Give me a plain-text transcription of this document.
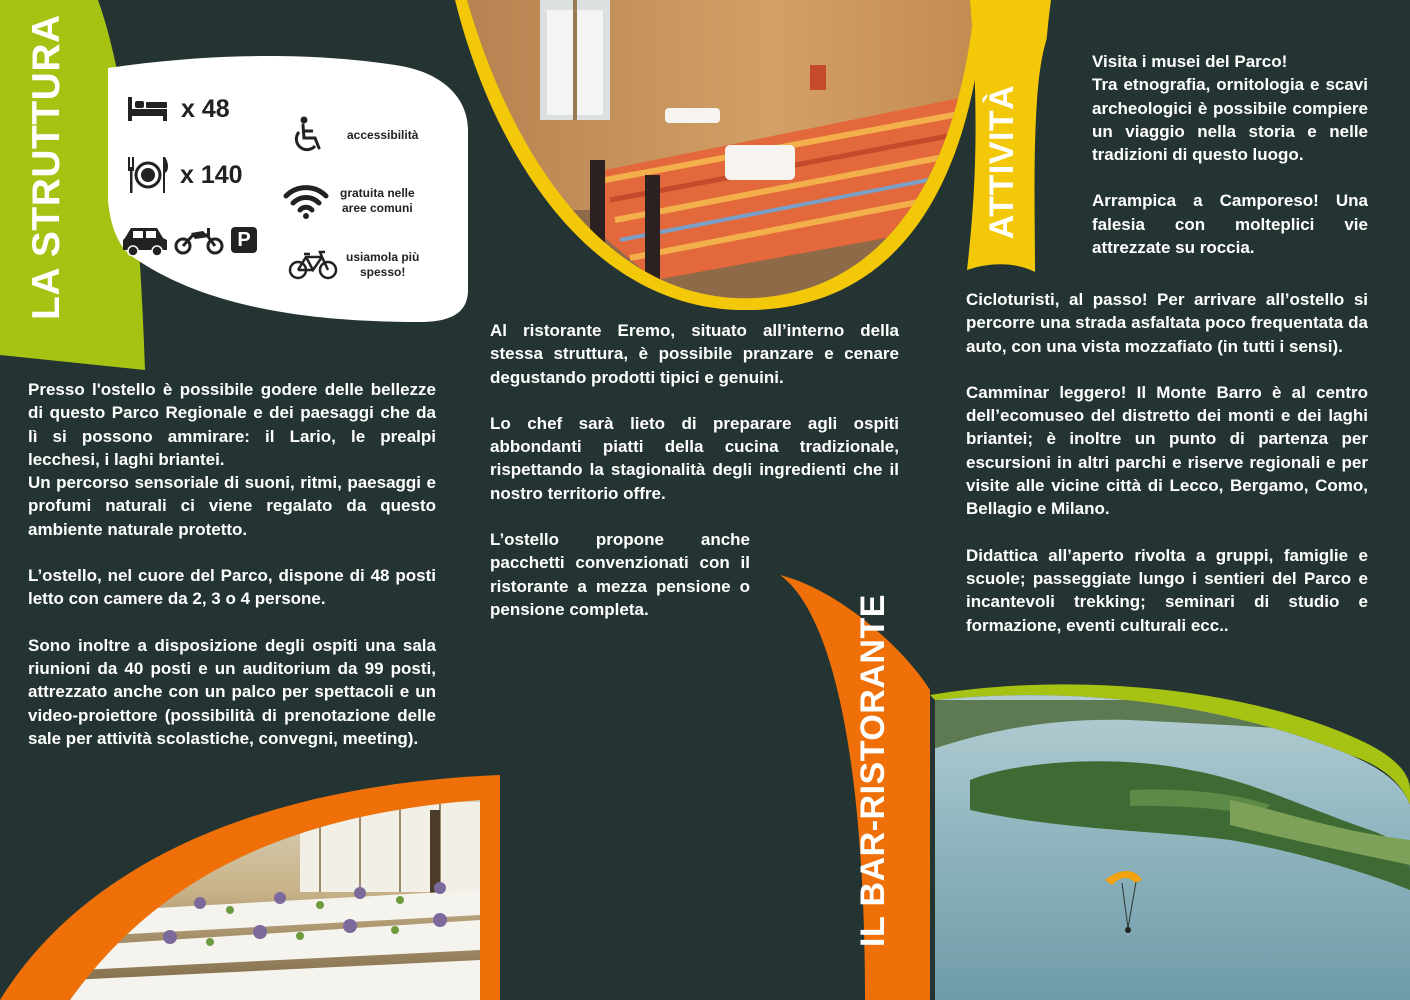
LA STRUTTURA	x 48
x 140
P
accessibilità
gratuita nelle
aree comuni
usiamola più
spesso!

Presso l'ostello è possibile godere delle bellezze di questo Parco Regionale e dei paesaggi che da lì si possono ammirare: il Lario, le prealpi lecchesi, i laghi briantei.

Un percorso sensoriale di suoni, ritmi, paesaggi e profumi naturali ci viene regalato da questo ambiente naturale protetto.

L’ostello, nel cuore del Parco, dispone di 48 posti letto con camere da 2, 3 o 4 persone.

Sono inoltre a disposizione degli ospiti una sala riunioni da 40 posti e un auditorium da 99 posti, attrezzato anche con un palco per spettacoli e un video-proiettore (possibilità di prenotazione delle sale per attività scolastiche, convegni, meeting).

Al ristorante Eremo, situato all’interno della stessa struttura, è possibile pranzare e cenare degustando prodotti tipici e genuini.

Lo chef sarà lieto di preparare agli ospiti abbondanti piatti della cucina tradizionale, rispettando la stagionalità degli ingredienti che il nostro territorio offre.

L’ostello propone anche pacchetti convenzionati con il ristorante a mezza pensione o pensione completa.	IL BAR-RISTORANTE
ATTIVITÀ

Visita i musei del Parco!

Tra etnografia, ornitologia e scavi archeologici è possibile compiere un viaggio nella storia e nelle tradizioni di questo luogo.

Arrampica a Camporeso! Una falesia con molteplici vie attrezzate su roccia.

Cicloturisti, al passo! Per arrivare all’ostello si percorre una strada asfaltata poco frequentata da auto, con una vista mozzafiato (in tutti i sensi).

Camminar leggero! Il Monte Barro è al centro dell’ecomuseo del distretto dei monti e dei laghi briantei; è inoltre un punto di partenza per escursioni in altri parchi e riserve regionali e per visite alle vicine città di Lecco, Bergamo, Como, Bellagio e Milano.

Didattica all’aperto rivolta a gruppi, famiglie e scuole; passeggiate lungo i sentieri del Parco e incantevoli trekking; seminari di studio e formazione, eventi culturali ecc..
